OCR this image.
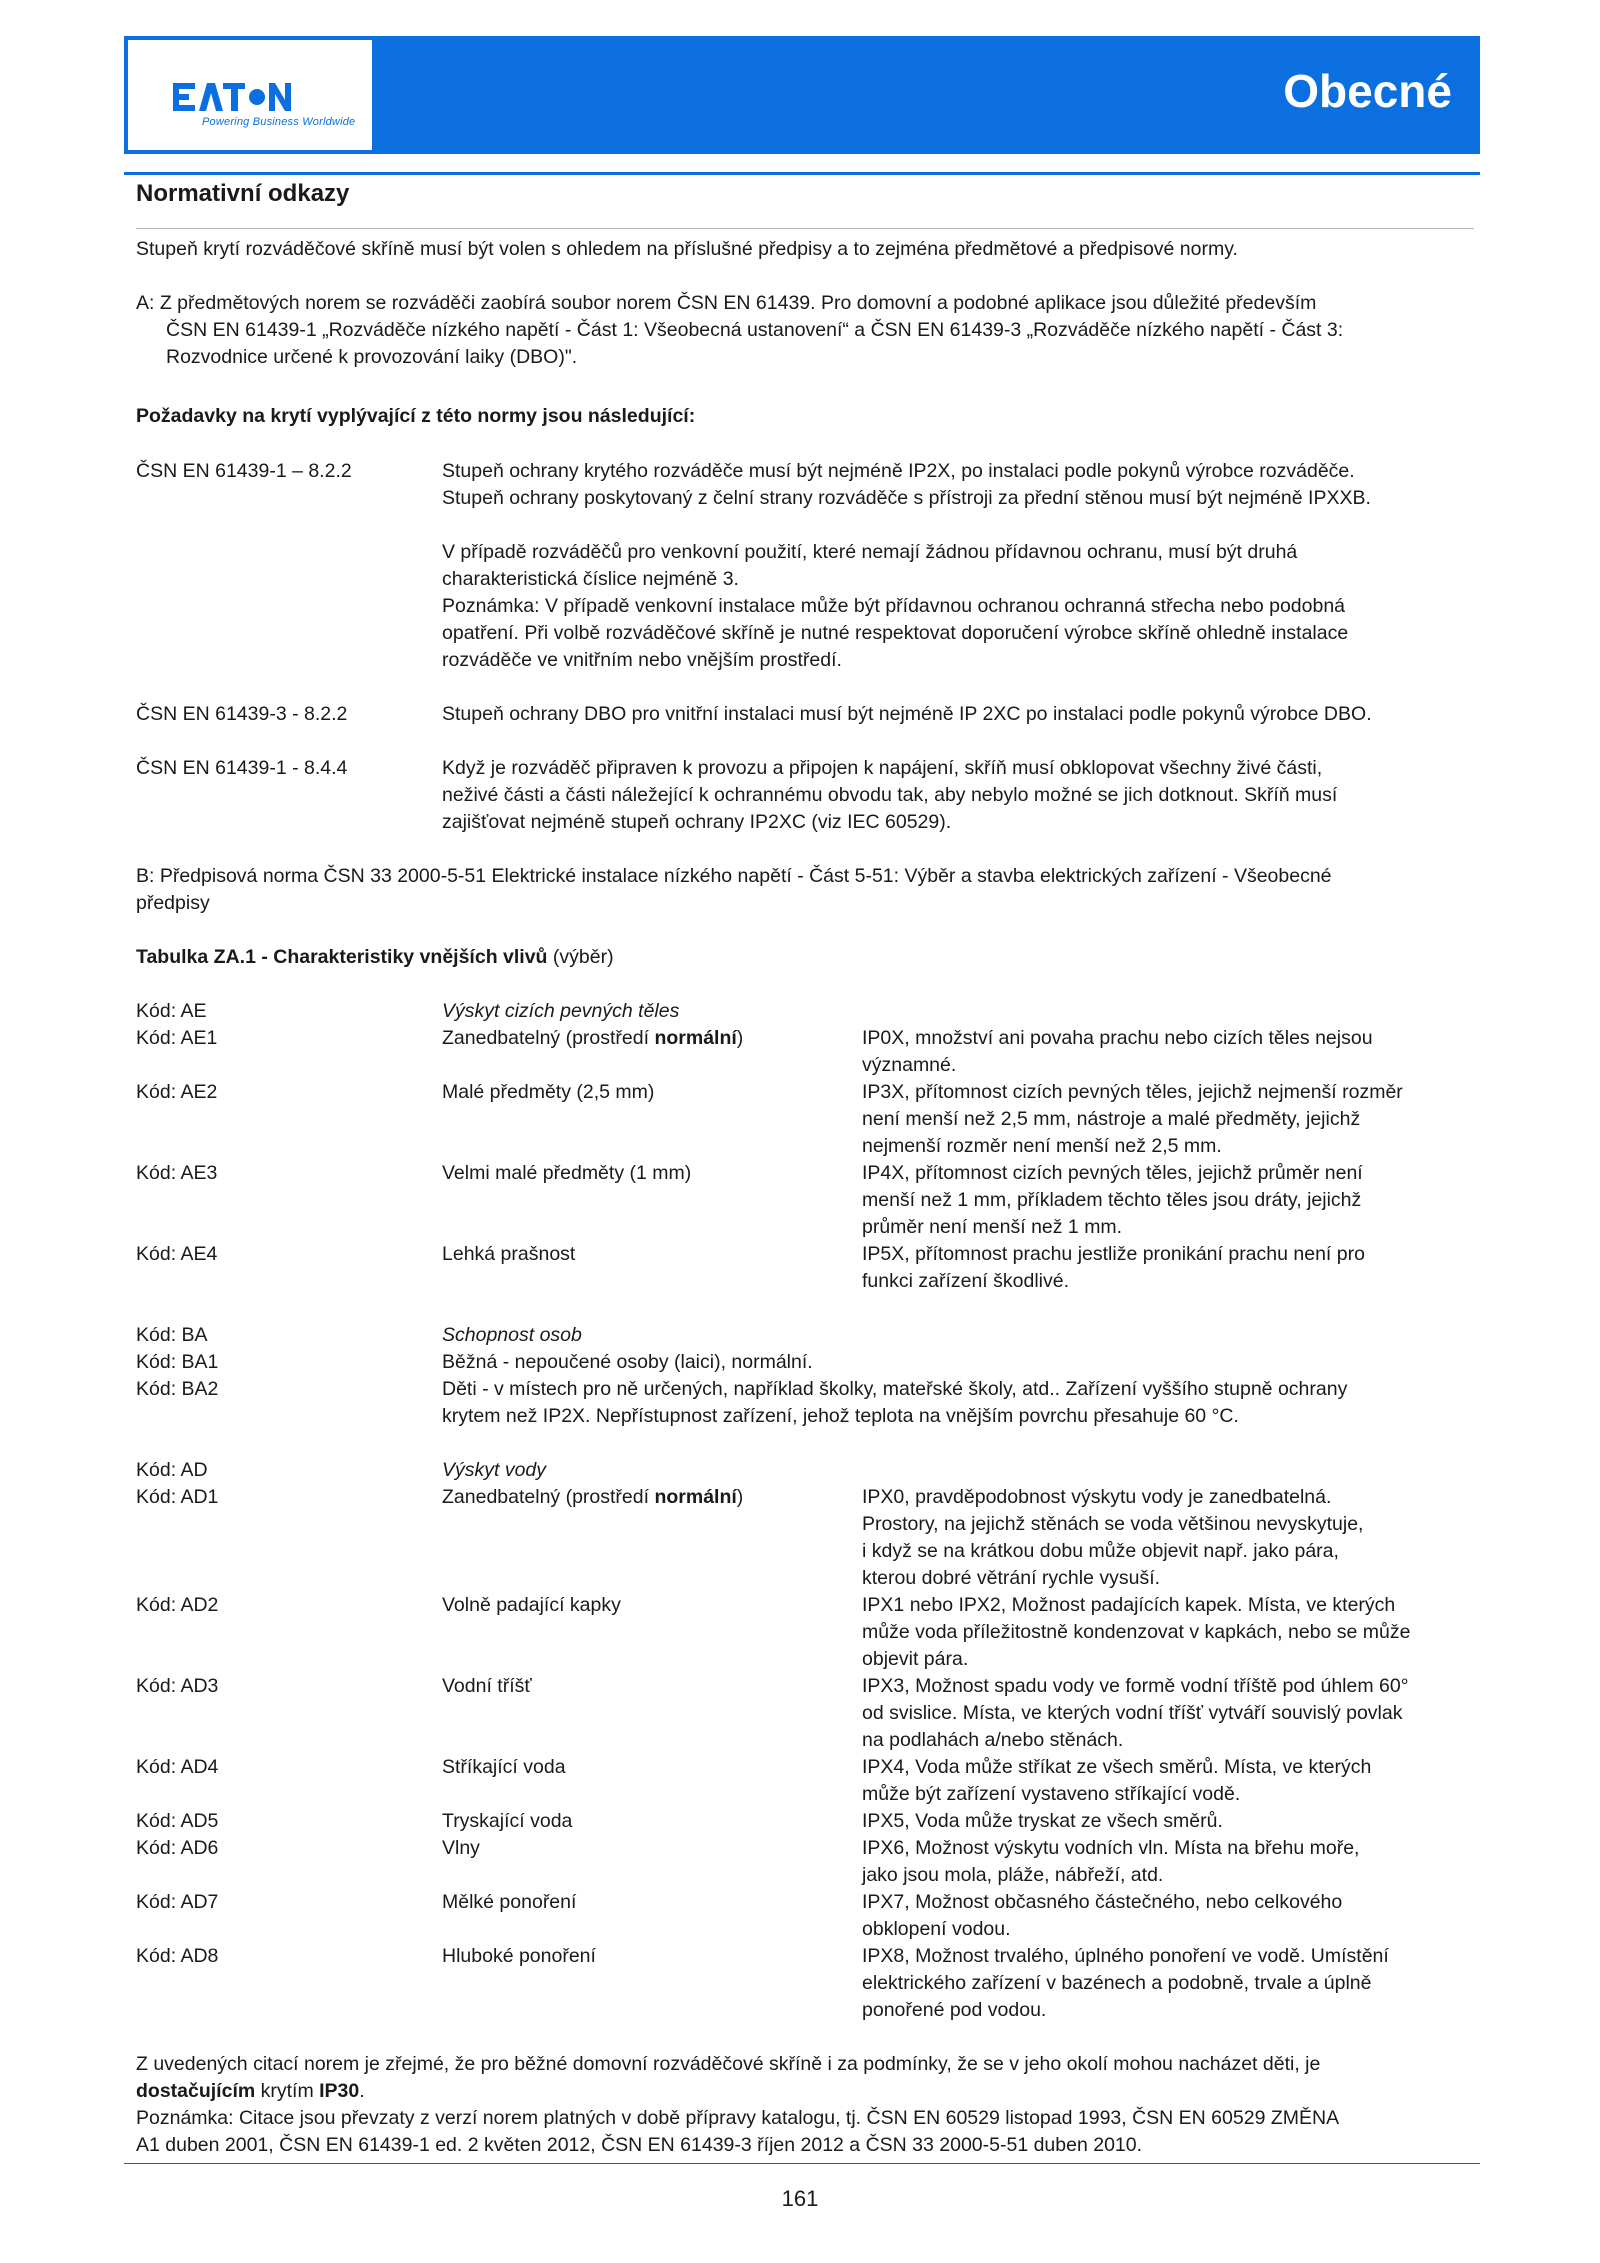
Powering Business Worldwide
Obecné
Normativní odkazy
Stupeň krytí rozváděčové skříně musí být volen s ohledem na příslušné předpisy a to zejména předmětové a předpisové normy.
A: Z předmětových norem se rozváděči zaobírá soubor norem ČSN EN 61439. Pro domovní a podobné aplikace jsou důležité především
ČSN EN 61439-1 „Rozváděče nízkého napětí - Část 1: Všeobecná ustanovení“ a ČSN EN 61439-3 „Rozváděče nízkého napětí - Část 3:
Rozvodnice určené k provozování laiky (DBO)".
Požadavky na krytí vyplývající z této normy jsou následující:
ČSN EN 61439-1 – 8.2.2	Stupeň ochrany krytého rozváděče musí být nejméně IP2X, po instalaci podle pokynů výrobce rozváděče.
Stupeň ochrany poskytovaný z čelní strany rozváděče s přístroji za přední stěnou musí být nejméně IPXXB.
V případě rozváděčů pro venkovní použití, které nemají žádnou přídavnou ochranu, musí být druhá
charakteristická číslice nejméně 3.
Poznámka: V případě venkovní instalace může být přídavnou ochranou ochranná střecha nebo podobná
opatření. Při volbě rozváděčové skříně je nutné respektovat doporučení výrobce skříně ohledně instalace
rozváděče ve vnitřním nebo vnějším prostředí.
ČSN EN 61439-3 - 8.2.2	Stupeň ochrany DBO pro vnitřní instalaci musí být nejméně IP 2XC po instalaci podle pokynů výrobce DBO.
ČSN EN 61439-1 - 8.4.4	Když je rozváděč připraven k provozu a připojen k napájení, skříň musí obklopovat všechny živé části,
neživé části a části náležející k ochrannému obvodu tak, aby nebylo možné se jich dotknout. Skříň musí
zajišťovat nejméně stupeň ochrany IP2XC (viz IEC 60529).
B: Předpisová norma ČSN 33 2000-5-51 Elektrické instalace nízkého napětí - Část 5-51: Výběr a stavba elektrických zařízení - Všeobecné
předpisy
Tabulka ZA.1 - Charakteristiky vnějších vlivů (výběr)
Kód: AE	Výskyt cizích pevných těles
Kód: AE1	Zanedbatelný (prostředí normální)	IP0X, množství ani povaha prachu nebo cizích těles nejsou
významné.
Kód: AE2	Malé předměty (2,5 mm)	IP3X, přítomnost cizích pevných těles, jejichž nejmenší rozměr
není menší než 2,5 mm, nástroje a malé předměty, jejichž
nejmenší rozměr není menší než 2,5 mm.
Kód: AE3	Velmi malé předměty (1 mm)	IP4X, přítomnost cizích pevných těles, jejichž průměr není
menší než 1 mm, příkladem těchto těles jsou dráty, jejichž
průměr není menší než 1 mm.
Kód: AE4	Lehká prašnost	IP5X, přítomnost prachu jestliže pronikání prachu není pro
funkci zařízení škodlivé.
Kód: BA	Schopnost osob
Kód: BA1	Běžná - nepoučené osoby (laici), normální.
Kód: BA2	Děti - v místech pro ně určených, například školky, mateřské školy, atd.. Zařízení vyššího stupně ochrany
krytem než IP2X. Nepřístupnost zařízení, jehož teplota na vnějším povrchu přesahuje 60 °C.
Kód: AD	Výskyt vody
Kód: AD1	Zanedbatelný (prostředí normální)	IPX0, pravděpodobnost výskytu vody je zanedbatelná.
Prostory, na jejichž stěnách se voda většinou nevyskytuje,
i když se na krátkou dobu může objevit např. jako pára,
kterou dobré větrání rychle vysuší.
Kód: AD2	Volně padající kapky	IPX1 nebo IPX2, Možnost padajících kapek. Místa, ve kterých
může voda příležitostně kondenzovat v kapkách, nebo se může
objevit pára.
Kód: AD3	Vodní tříšť	IPX3, Možnost spadu vody ve formě vodní tříště pod úhlem 60°
od svislice. Místa, ve kterých vodní tříšť vytváří souvislý povlak
na podlahách a/nebo stěnách.
Kód: AD4	Stříkající voda	IPX4, Voda může stříkat ze všech směrů. Místa, ve kterých
může být zařízení vystaveno stříkající vodě.
Kód: AD5	Tryskající voda	IPX5, Voda může tryskat ze všech směrů.
Kód: AD6	Vlny	IPX6, Možnost výskytu vodních vln. Místa na břehu moře,
jako jsou mola, pláže, nábřeží, atd.
Kód: AD7	Mělké ponoření	IPX7, Možnost občasného částečného, nebo celkového
obklopení vodou.
Kód: AD8	Hluboké ponoření	IPX8, Možnost trvalého, úplného ponoření ve vodě. Umístění
elektrického zařízení v bazénech a podobně, trvale a úplně
ponořené pod vodou.
Z uvedených citací norem je zřejmé, že pro běžné domovní rozváděčové skříně i za podmínky, že se v jeho okolí mohou nacházet děti, je
dostačujícím krytím IP30.
Poznámka: Citace jsou převzaty z verzí norem platných v době přípravy katalogu, tj. ČSN EN 60529 listopad 1993, ČSN EN 60529 ZMĚNA
A1 duben 2001, ČSN EN 61439-1 ed. 2 květen 2012, ČSN EN 61439-3 říjen 2012 a ČSN 33 2000-5-51 duben 2010.
161
